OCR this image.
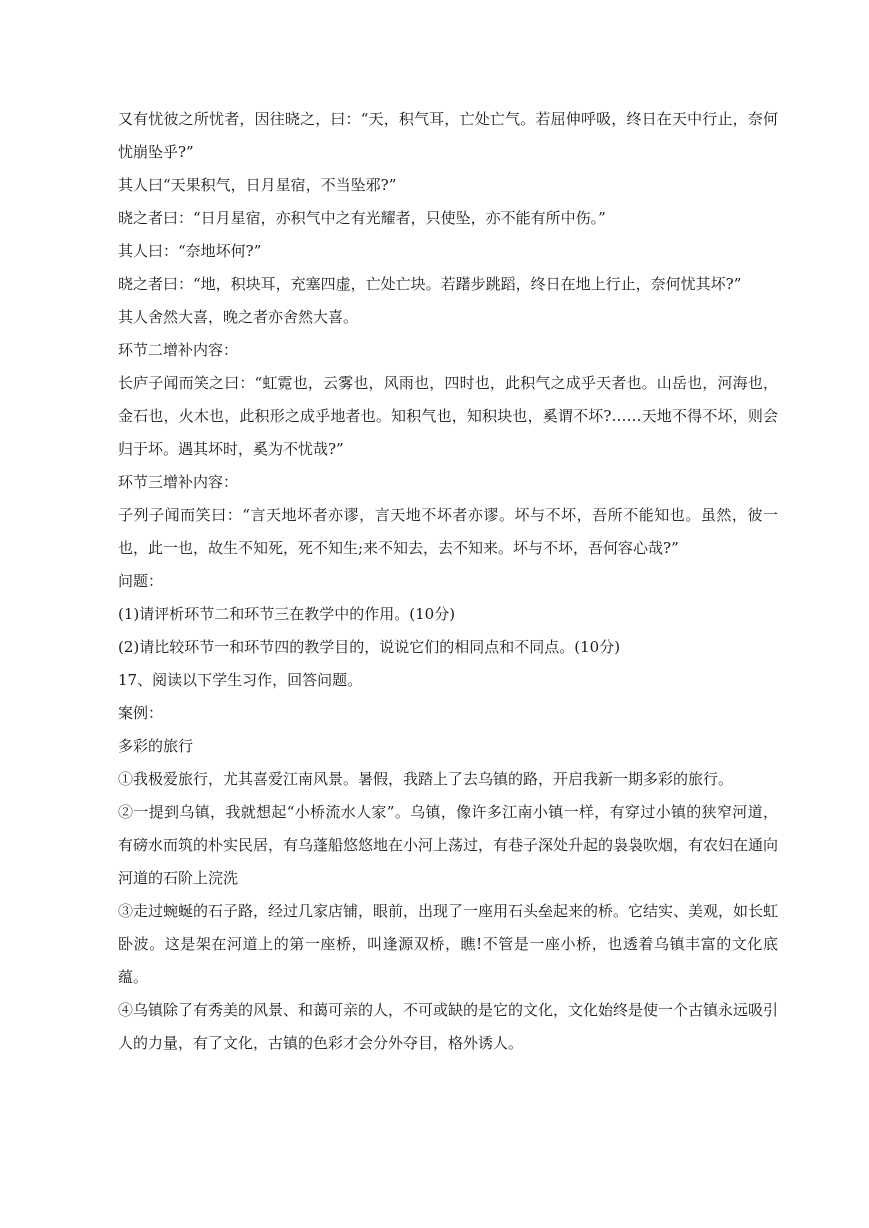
又有忧彼之所忧者，因往晓之，曰：“天，积气耳，亡处亡气。若屈伸呼吸，终日在天中行止，奈何忧崩坠乎?”

其人曰“天果积气，日月星宿，不当坠邪?”

晓之者曰：“日月星宿，亦积气中之有光耀者，只使坠，亦不能有所中伤。”

其人曰：“奈地坏何?”

晓之者曰：“地，积块耳，充塞四虚，亡处亡块。若躇步跳蹈，终日在地上行止，奈何忧其坏?”

其人舍然大喜，晚之者亦舍然大喜。

环节二增补内容：

长庐子闻而笑之曰：“虹霓也，云雾也，风雨也，四时也，此积气之成乎天者也。山岳也，河海也，金石也，火木也，此积形之成乎地者也。知积气也，知积块也，奚谓不坏?……天地不得不坏，则会归于坏。遇其坏时，奚为不忧哉?”

环节三增补内容：

子列子闻而笑曰：“言天地坏者亦谬，言天地不坏者亦谬。坏与不坏，吾所不能知也。虽然，彼一也，此一也，故生不知死，死不知生;来不知去，去不知来。坏与不坏，吾何容心哉?”

问题：

(1)请评析环节二和环节三在教学中的作用。(10分)

(2)请比较环节一和环节四的教学目的，说说它们的相同点和不同点。(10分)

17、阅读以下学生习作，回答问题。

案例：

多彩的旅行

①我极爱旅行，尤其喜爱江南风景。暑假，我踏上了去乌镇的路，开启我新一期多彩的旅行。

②一提到乌镇，我就想起“小桥流水人家”。乌镇，像许多江南小镇一样，有穿过小镇的狭窄河道，有磅水而筑的朴实民居，有乌蓬船悠悠地在小河上荡过，有巷子深处升起的袅袅吹烟，有农妇在通向河道的石阶上浣洗

③走过蜿蜒的石子路，经过几家店铺，眼前，出现了一座用石头垒起来的桥。它结实、美观，如长虹卧波。这是架在河道上的第一座桥，叫逢源双桥，瞧!不管是一座小桥，也透着乌镇丰富的文化底蕴。

④乌镇除了有秀美的风景、和蔼可亲的人，不可或缺的是它的文化，文化始终是使一个古镇永远吸引人的力量，有了文化，古镇的色彩才会分外夺目，格外诱人。
